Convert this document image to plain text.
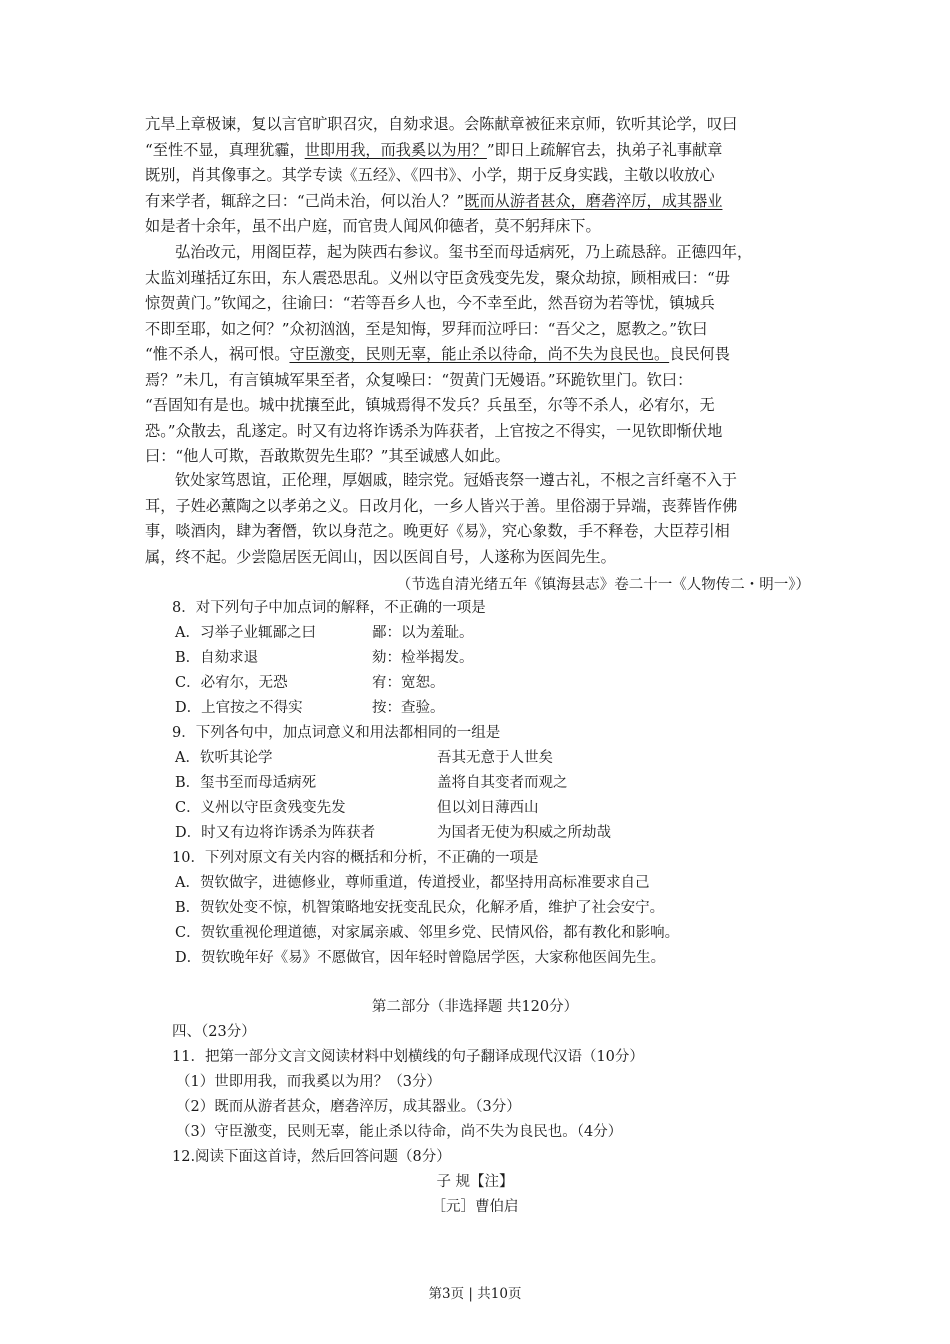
亢旱上章极谏，复以言官旷职召灾，自劾求退。会陈献章被征来京师，钦听其论学，叹曰
“至性不显，真理犹霾，世即用我，而我奚以为用？”即日上疏解官去，执弟子礼事献章
既别，肖其像事之。其学专读《五经》、《四书》、小学，期于反身实践，主敬以收放心
有来学者，辄辞之曰：“己尚未治，何以治人？”既而从游者甚众，磨砻淬厉，成其器业
如是者十余年，虽不出户庭，而官贵人闻风仰德者，莫不躬拜床下。
弘治改元，用阁臣荐，起为陕西右参议。玺书至而母适病死，乃上疏恳辞。正德四年，
太监刘瑾括辽东田，东人震恐思乱。义州以守臣贪残变先发，聚众劫掠，顾相戒曰：“毋
惊贺黄门。”钦闻之，往谕曰：“若等吾乡人也，今不幸至此，然吾窃为若等忧，镇城兵
不即至耶，如之何？”众初汹汹，至是知悔，罗拜而泣呼曰：“吾父之，愿教之。”钦曰
“惟不杀人，祸可恨。守臣激变，民则无辜，能止杀以待命，尚不失为良民也。良民何畏
焉？”未几，有言镇城军果至者，众复噪曰：“贺黄门无嫚语。”环跪钦里门。钦曰：
“吾固知有是也。城中扰攘至此，镇城焉得不发兵？兵虽至，尔等不杀人，必宥尔，无
恐。”众散去，乱遂定。时又有边将诈诱杀为阵获者，上官按之不得实，一见钦即惭伏地
曰：“他人可欺，吾敢欺贺先生耶？”其至诚感人如此。
钦处家笃恩谊，正伦理，厚姻戚，睦宗党。冠婚丧祭一遵古礼，不根之言纤毫不入于
耳，子姓必薰陶之以孝弟之义。日改月化，一乡人皆兴于善。里俗溺于异端，丧葬皆作佛
事，啖酒肉，肆为奢僭，钦以身范之。晚更好《易》，究心象数，手不释卷，大臣荐引相
属，终不起。少尝隐居医无闾山，因以医闾自号，人遂称为医闾先生。
（节选自清光绪五年《镇海县志》卷二十一《人物传二・明一》）
8．对下列句子中加点词的解释，不正确的一项是
A．习举子业辄鄙之曰	鄙：以为羞耻。
B．自劾求退	劾：检举揭发。
C．必宥尔，无恐	宥：宽恕。
D．上官按之不得实	按：查验。
9．下列各句中，加点词意义和用法都相同的一组是
A．钦听其论学	吾其无意于人世矣
B．玺书至而母适病死	盖将自其变者而观之
C．义州以守臣贪残变先发	但以刘日薄西山
D．时又有边将诈诱杀为阵获者	为国者无使为积威之所劫哉
10．下列对原文有关内容的概括和分析，不正确的一项是
A．贺钦做字，进德修业，尊师重道，传道授业，都坚持用高标准要求自己
B．贺钦处变不惊，机智策略地安抚变乱民众，化解矛盾，维护了社会安宁。
C．贺钦重视伦理道德，对家属亲戚、邻里乡党、民情风俗，都有教化和影响。
D．贺钦晚年好《易》不愿做官，因年轻时曾隐居学医，大家称他医闾先生。
第二部分（非选择题 共120分）
四、（23分）
11．把第一部分文言文阅读材料中划横线的句子翻译成现代汉语（10分）
（1）世即用我，而我奚以为用？（3分）
（2）既而从游者甚众，磨砻淬厉，成其器业。（3分）
（3）守臣激变，民则无辜，能止杀以待命，尚不失为良民也。（4分）
12.阅读下面这首诗，然后回答问题（8分）
子 规【注】
［元］曹伯启
第3页 | 共10页
